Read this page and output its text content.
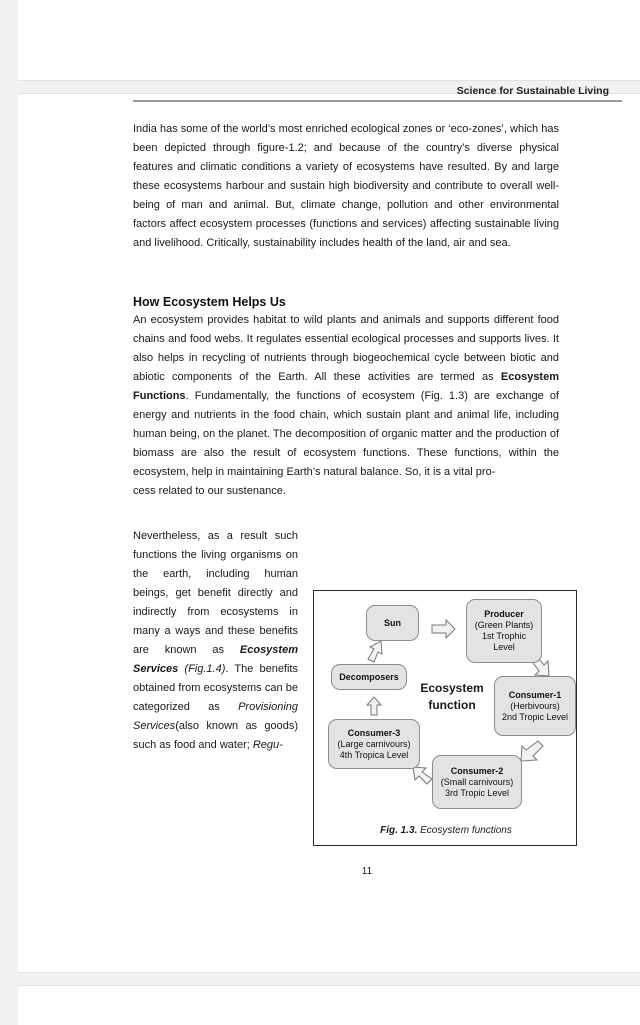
Science for Sustainable Living

India has some of the world’s most enriched ecological zones or ‘eco-zones’, which has been depicted through figure-1.2; and because of the country’s diverse physical features and climatic conditions a variety of ecosystems have resulted. By and large these ecosystems harbour and sustain high biodiversity and contribute to overall well-being of man and animal. But, climate change, pollution and other environmental factors affect ecosystem processes (functions and services) affecting sustainable living and livelihood. Critically, sustainability includes health of the land, air and sea.

How Ecosystem Helps Us

An ecosystem provides habitat to wild plants and animals and supports different food chains and food webs. It regulates essential ecological processes and supports lives. It also helps in recycling of nutrients through biogeochemical cycle between biotic and abiotic components of the Earth. All these activities are termed as Ecosystem Functions. Fundamentally, the functions of ecosystem (Fig. 1.3) are exchange of energy and nutrients in the food chain, which sustain plant and animal life, including human being, on the planet. The decomposition of organic matter and the production of biomass are also the result of ecosystem functions. These functions, within the ecosystem, help in maintaining Earth’s natural balance. So, it is a vital pro-
cess related to our sustenance.

Nevertheless, as a result such functions the living organisms on the earth, including human beings, get benefit directly and indirectly from ecosystems in many a ways and these benefits are known as Ecosystem Services (Fig.1.4). The benefits obtained from ecosystems can be categorized as Provisioning Services(also known as goods) such as food and water; Regu-

Sun
Producer
(Green Plants)
1st Trophic
Level
Decomposers
Ecosystem function
Consumer-1
(Herbivours)
2nd Tropic Level
Consumer-3
(Large carnivours)
4th Tropica Level
Consumer-2
(Small carnivours)
3rd Tropic Level
Fig. 1.3. Ecosystem functions
11
